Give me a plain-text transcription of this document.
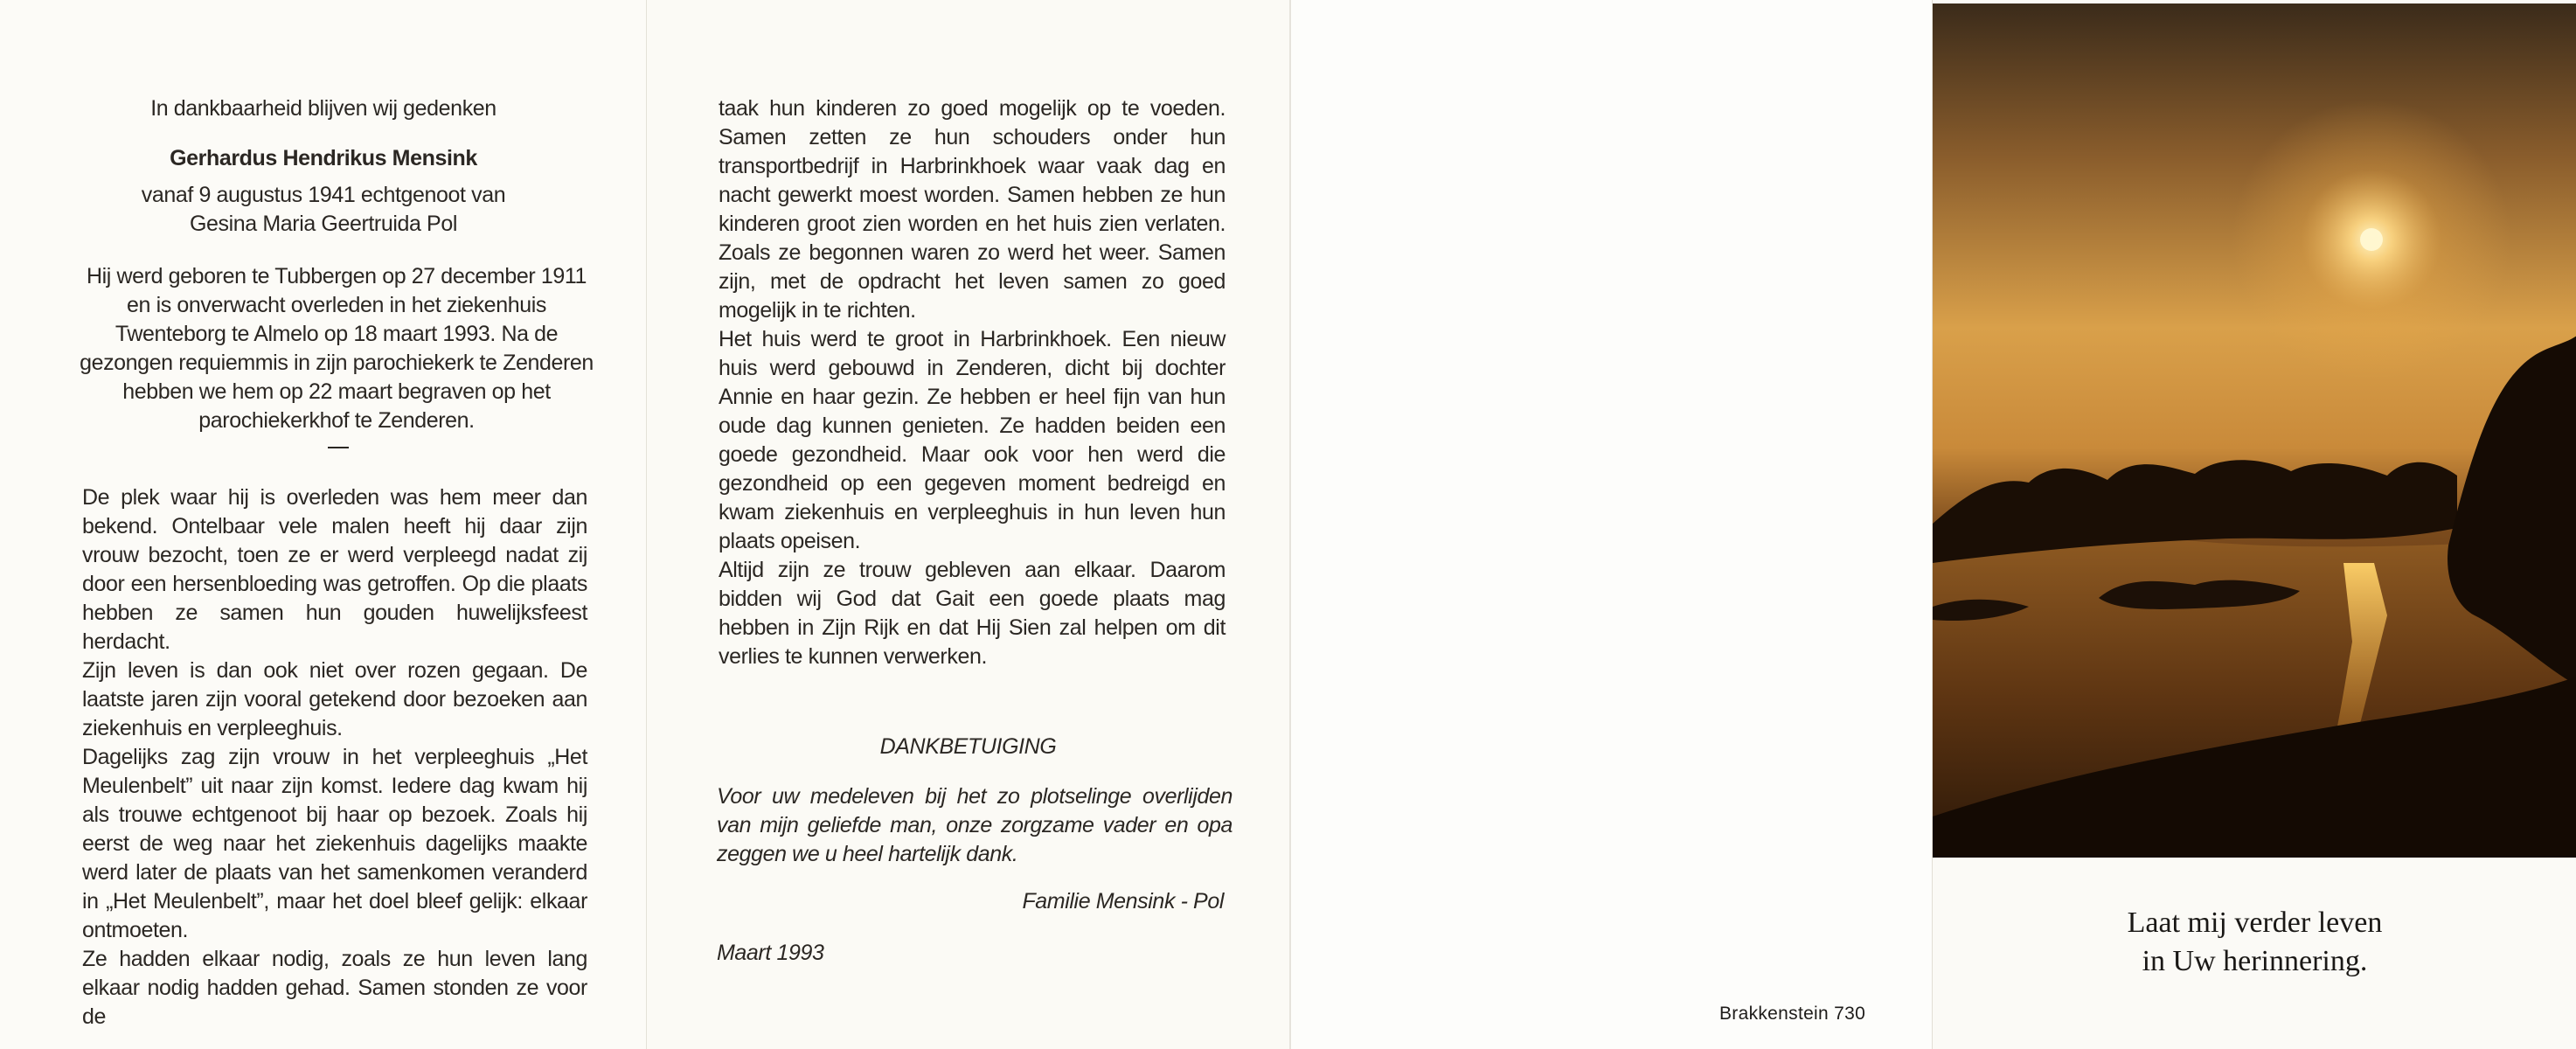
In dankbaarheid blijven wij gedenken
Gerhardus Hendrikus Mensink
vanaf 9 augustus 1941 echtgenoot van
Gesina Maria Geertruida Pol
Hij werd geboren te Tubbergen op 27 december 1911 en is onverwacht overleden in het ziekenhuis Twenteborg te Almelo op 18 maart 1993. Na de gezongen requiemmis in zijn parochiekerk te Zenderen hebben we hem op 22 maart begraven op het parochiekerkhof te Zenderen.
De plek waar hij is overleden was hem meer dan bekend. Ontelbaar vele malen heeft hij daar zijn vrouw bezocht, toen ze er werd verpleegd nadat zij door een hersenbloeding was getroffen. Op die plaats hebben ze samen hun gouden huwelijksfeest herdacht.
Zijn leven is dan ook niet over rozen gegaan. De laatste jaren zijn vooral getekend door bezoeken aan ziekenhuis en verpleeghuis.
Dagelijks zag zijn vrouw in het verpleeghuis „Het Meulenbelt” uit naar zijn komst. Iedere dag kwam hij als trouwe echtgenoot bij haar op bezoek. Zoals hij eerst de weg naar het ziekenhuis dagelijks maakte werd later de plaats van het samenkomen veranderd in „Het Meulenbelt”, maar het doel bleef gelijk: elkaar ontmoeten.
Ze hadden elkaar nodig, zoals ze hun leven lang elkaar nodig hadden gehad. Samen stonden ze voor de
taak hun kinderen zo goed mogelijk op te voeden. Samen zetten ze hun schouders onder hun transportbedrijf in Harbrinkhoek waar vaak dag en nacht gewerkt moest worden. Samen hebben ze hun kinderen groot zien worden en het huis zien verlaten. Zoals ze begonnen waren zo werd het weer. Samen zijn, met de opdracht het leven samen zo goed mogelijk in te richten.
Het huis werd te groot in Harbrinkhoek. Een nieuw huis werd gebouwd in Zenderen, dicht bij dochter Annie en haar gezin. Ze hebben er heel fijn van hun oude dag kunnen genieten. Ze hadden beiden een goede gezondheid. Maar ook voor hen werd die gezondheid op een gegeven moment bedreigd en kwam ziekenhuis en verpleeghuis in hun leven hun plaats opeisen.
Altijd zijn ze trouw gebleven aan elkaar. Daarom bidden wij God dat Gait een goede plaats mag hebben in Zijn Rijk en dat Hij Sien zal helpen om dit verlies te kunnen verwerken.
DANKBETUIGING
Voor uw medeleven bij het zo plotselinge overlijden van mijn geliefde man, onze zorgzame vader en opa zeggen we u heel hartelijk dank.
Familie Mensink - Pol
Maart 1993
Brakkenstein 730
Laat mij verder leven
in Uw herinnering.
